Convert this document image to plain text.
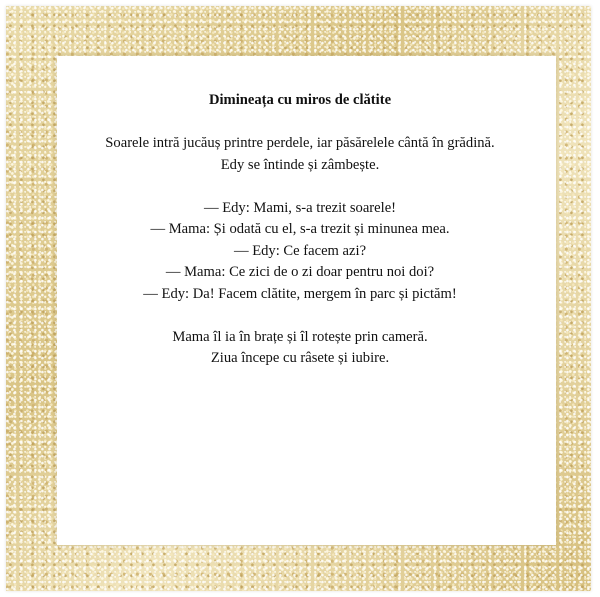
Dimineața cu miros de clătite

Soarele intră jucăuș printre perdele, iar păsărelele cântă în grădină.
Edy se întinde și zâmbește.
— Edy: Mami, s-a trezit soarele!
— Mama: Și odată cu el, s-a trezit și minunea mea.
— Edy: Ce facem azi?
— Mama: Ce zici de o zi doar pentru noi doi?
— Edy: Da! Facem clătite, mergem în parc și pictăm!
Mama îl ia în brațe și îl rotește prin cameră.
Ziua începe cu râsete și iubire.
